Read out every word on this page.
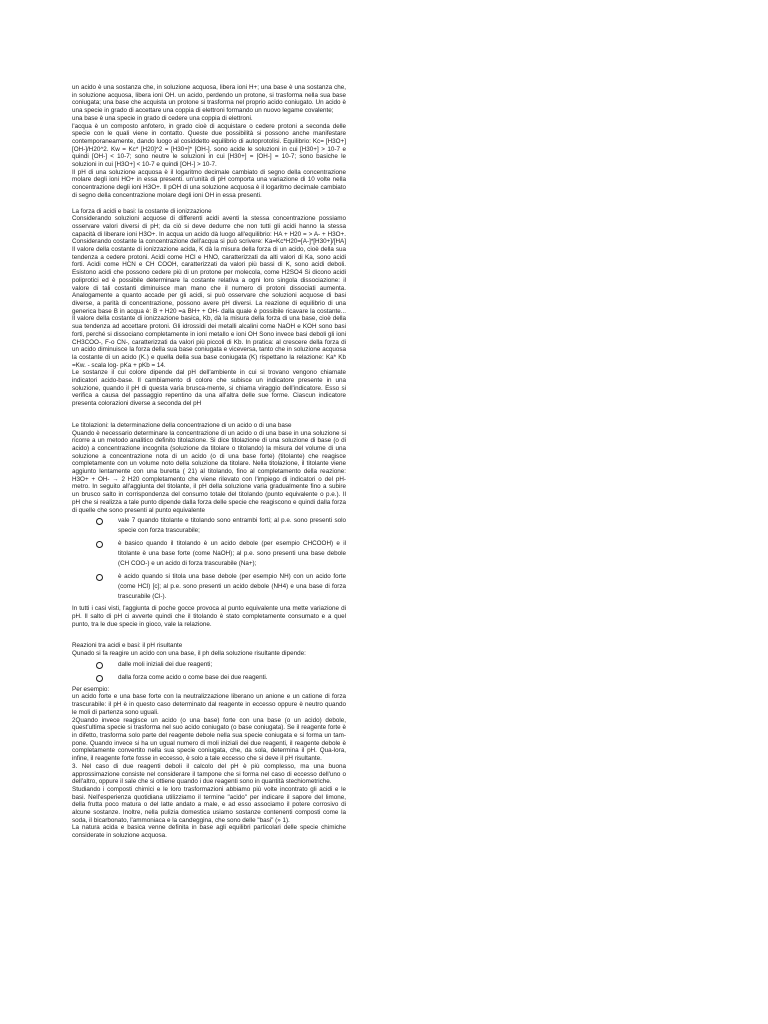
un acido è una sostanza che, in soluzione acquosa, libera ioni H+; una base è una sostanza che, in soluzione acquosa, libera ioni OH. un acido, perdendo un protone, si trasforma nella sua base coniugata; una base che acquista un protone si trasforma nel proprio acido coniugato. Un acido è una specie in grado di accettare una coppia di elettroni formando un nuovo legame covalente;

una base è una specie in grado di cedere una coppia di elettroni.

l'acqua è un composto anfotero, in grado cioè di acquistare o cedere protoni a seconda delle specie con le quali viene in contatto. Queste due possibilità si possono anche manifestare contemporaneamente, dando luogo al cosiddetto equilibrio di autoprotolisi. Equilibrio: Kc= [H3O+][OH-]/H20^2. Kw = Kc* [H20]^2 = [H30+]* [OH-]. sono acide le soluzioni in cui [H30+] > 10-7 e quindi [OH-] < 10-7; sono neutre le soluzioni in cui [H30+] = [OH-] = 10-7; sono basiche le soluzioni in cui [H3O+] < 10-7 e quindi [OH-] > 10-7.

Il pH di una soluzione acquosa è il logaritmo decimale cambiato di segno della concentrazione molare degli ioni HO+ in essa presenti. un'unità di pH comporta una variazione di 10 volte nella concentrazione degli ioni H3O+. Il pOH di una soluzione acquosa è il logaritmo decimale cambiato di segno della concentrazione molare degli ioni OH in essa presenti.

La forza di acidi e basi: la costante di ionizzazione

Considerando soluzioni acquose di differenti acidi aventi la stessa concentrazione possiamo osservare valori diversi di pH; da ciò si deve dedurre che non tutti gli acidi hanno la stessa capacità di liberare ioni H3O+. In acqua un acido dà luogo all'equilibrio: HA + H20 = > A- + H3O+. Considerando costante la concentrazione dell'acqua si può scrivere: Ka=Kc*H20=[A-]*[H30+]/[HA] Il valore della costante di ionizzazione acida, K dà la misura della forza di un acido, cioè della sua tendenza a cedere protoni. Acidi come HCl e HNO, caratterizzati da alti valori di Ka, sono acidi forti. Acidi come HCN e CH COOH, caratterizzati da valori più bassi di K, sono acidi deboli. Esistono acidi che possono cedere più di un protone per molecola, come H2SO4 Si dicono acidi poliprotici ed è possibile determinare la costante relativa a ogni loro singola dissociazione: il valore di tali costanti diminuisce man mano che il numero di protoni dissociati aumenta. Analogamente a quanto accade per gli acidi, si può osservare che soluzioni acquose di basi diverse, a parità di concentrazione, possono avere pH diversi. La reazione di equilibrio di una generica base B in acqua è: B + H20 =a BH+ + OH- dalla quale è possibile ricavare la costante... Il valore della costante di ionizzazione basica, Kb, dà la misura della forza di una base, cioè della sua tendenza ad accettare protoni. Gli idrossidi dei metalli alcalini come NaOH e KOH sono basi forti, perché si dissociano completamente in ioni metallo e ioni OH Sono invece basi deboli gli ioni CH3COO-, F-o CN-, caratterizzati da valori più piccoli di Kb. In pratica: al crescere della forza di un acido diminuisce la forza della sua base coniugata e viceversa, tanto che in soluzione acquosa la costante di un acido (K.) e quella della sua base coniugata (K) rispettano la relazione: Ka* Kb =Kw. - scala log- pKa + pKb = 14.

Le sostanze il cui colore dipende dal pH dell'ambiente in cui si trovano vengono chiamate indicatori acido-base. Il cambiamento di colore che subisce un indicatore presente in una soluzione, quando il pH di questa varia brusca-mente, si chiama viraggio dell'indicatore. Esso si verifica a causa del passaggio repentino da una all'altra delle sue forme. Ciascun indicatore presenta colorazioni diverse a seconda del pH

Le titolazioni: la determinazione della concentrazione di un acido o di una base

Quando è necessario determinare la concentrazione di un acido o di una base in una soluzione si ricorre a un metodo analitico definito titolazione. Si dice titolazione di una soluzione di base (o di acido) a concentrazione incognita (soluzione da titolare o titolando) la misura del volume di una soluzione a concentrazione nota di un acido (o di una base forte) (titolante) che reagisce completamente con un volume noto della soluzione da titolare. Nella titolazione, il titolante viene aggiunto lentamente con una buretta ( 21) al titolando, fino al completamento della reazione: H3O+ + OH- → 2 H20 completamento che viene rilevato con l'impiego di indicatori o del pH-metro. In seguito all'aggiunta del titolante, il pH della soluzione varia gradualmente fino a subire un brusco salto in corrispondenza del consumo totale del titolando (punto equivalente o p.e.). Il pH che si realizza a tale punto dipende dalla forza delle specie che reagiscono e quindi dalla forza di quelle che sono presenti al punto equivalente

vale 7 quando titolante e titolando sono entrambi forti; al p.e. sono presenti solo specie con forza trascurabile;
è basico quando il titolando è un acido debole (per esempio CHCOOH) e il titolante è una base forte (come NaOH); al p.e. sono presenti una base debole (CH COO-) e un acido di forza trascurabile (Na+);
è acido quando si titola una base debole (per esempio NH) con un acido forte (come HCl) [c]; al p.e. sono presenti un acido debole (NH4) e una base di forza trascurabile (Cl-).

In tutti i casi visti, l'aggiunta di poche gocce provoca al punto equivalente una mette variazione di pH. Il salto di pH ci avverte quindi che il titolando è stato completamente consumato e a quel punto, tra le due specie in gioco, vale la relazione.

Reazioni tra acidi e basi: il pH risultante

Qunado si fa reagire un acido con una base, il ph della soluzione risultante dipende:

dalle moli iniziali dei due reagenti;
dalla forza come acido o come base dei due reagenti.

Per esempio:

un acido forte e una base forte con la neutralizzazione liberano un anione e un catione di forza trascurabile: il pH è in questo caso determinato dal reagente in eccesso oppure è neutro quando le moli di partenza sono uguali.

2Quando invece reagisce un acido (o una base) forte con una base (o un acido) debole, quest'ultima specie si trasforma nel suo acido coniugato (o base coniugata). Se il reagente forte è in difetto, trasforma solo parte del reagente debole nella sua specie coniugata e si forma un tam-pone. Quando invece si ha un ugual numero di moli iniziali dei due reagenti, il reagente debole è completamente convertito nella sua specie coniugata, che, da sola, determina il pH. Qua-lora, infine, il reagente forte fosse in eccesso, è solo a tale eccesso che si deve il pH risultante.

3. Nel caso di due reagenti deboli il calcolo del pH è più complesso, ma una buona approssimazione consiste nel considerare il tampone che si forma nel caso di eccesso dell'uno o dell'altro, oppure il sale che si ottiene quando i due reagenti sono in quantità stechiometriche.

Studiando i composti chimici e le loro trasformazioni abbiamo più volte incontrato gli acidi e le basi. Nell'esperienza quotidiana utilizziamo il termine "acido" per indicare il sapore del limone, della frutta poco matura o del latte andato a male, e ad esso associamo il potere corrosivo di alcune sostanze. Inoltre, nella pulizia domestica usiamo sostanze contenenti composti come la soda, il bicarbonato, l'ammoniaca e la candeggina, che sono delle "basi" (» 1).

La natura acida e basica venne definita in base agli equilibri particolari delle specie chimiche considerate in soluzione acquosa.
